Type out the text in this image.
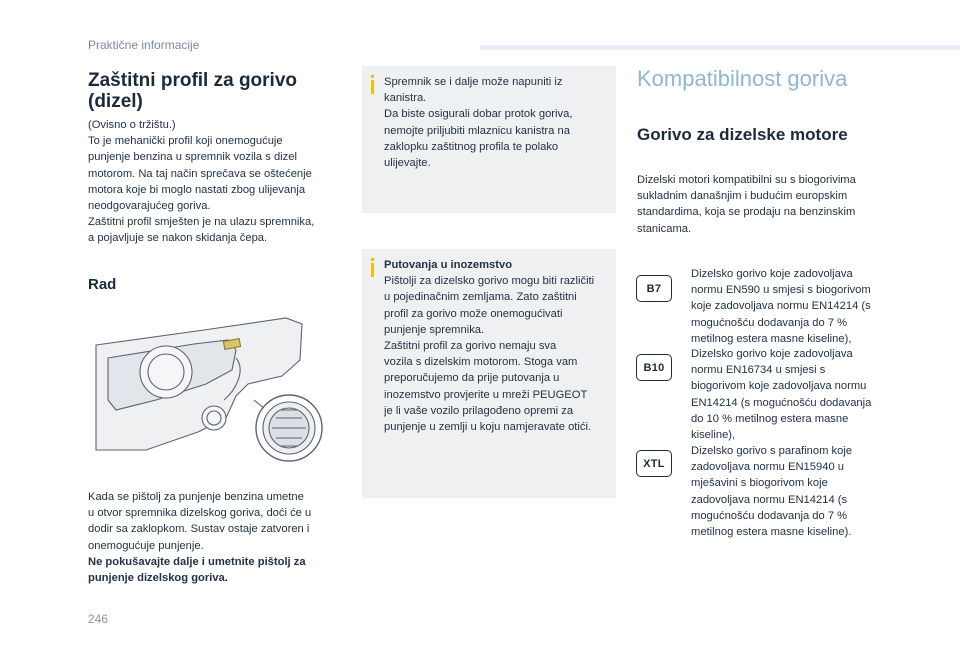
Praktične informacije
Zaštitni profil za gorivo (dizel)
(Ovisno o tržištu.)
To je mehanički profil koji onemogućuje
punjenje benzina u spremnik vozila s dizel
motorom. Na taj način sprečava se oštećenje
motora koje bi moglo nastati zbog ulijevanja
neodgovarajućeg goriva.
Zaštitni profil smješten je na ulazu spremnika,
a pojavljuje se nakon skidanja čepa.
Rad
Kada se pištolj za punjenje benzina umetne
u otvor spremnika dizelskog goriva, doći će u
dodir sa zaklopkom. Sustav ostaje zatvoren i
onemogućuje punjenje.
Ne pokušavajte dalje i umetnite pištolj za
punjenje dizelskog goriva.
Spremnik se i dalje može napuniti iz
kanistra.
Da biste osigurali dobar protok goriva,
nemojte priljubiti mlaznicu kanistra na
zaklopku zaštitnog profila te polako
ulijevajte.
Putovanja u inozemstvo
Pištolji za dizelsko gorivo mogu biti različiti
u pojedinačnim zemljama. Zato zaštitni
profil za gorivo može onemogućivati
punjenje spremnika.
Zaštitni profil za gorivo nemaju sva
vozila s dizelskim motorom. Stoga vam
preporučujemo da prije putovanja u
inozemstvo provjerite u mreži PEUGEOT
je li vaše vozilo prilagođeno opremi za
punjenje u zemlji u koju namjeravate otići.
Kompatibilnost goriva
Gorivo za dizelske motore
Dizelski motori kompatibilni su s biogorivima
sukladnim današnjim i budućim europskim
standardima, koja se prodaju na benzinskim
stanicama.
B7
Dizelsko gorivo koje zadovoljava
normu EN590 u smjesi s biogorivom
koje zadovoljava normu EN14214 (s
mogućnošću dodavanja do 7 %
metilnog estera masne kiseline),
B10
Dizelsko gorivo koje zadovoljava
normu EN16734 u smjesi s
biogorivom koje zadovoljava normu
EN14214 (s mogućnošću dodavanja
do 10 % metilnog estera masne
kiseline),
XTL
Dizelsko gorivo s parafinom koje
zadovoljava normu EN15940 u
mješavini s biogorivom koje
zadovoljava normu EN14214 (s
mogućnošću dodavanja do 7 %
metilnog estera masne kiseline).
246
